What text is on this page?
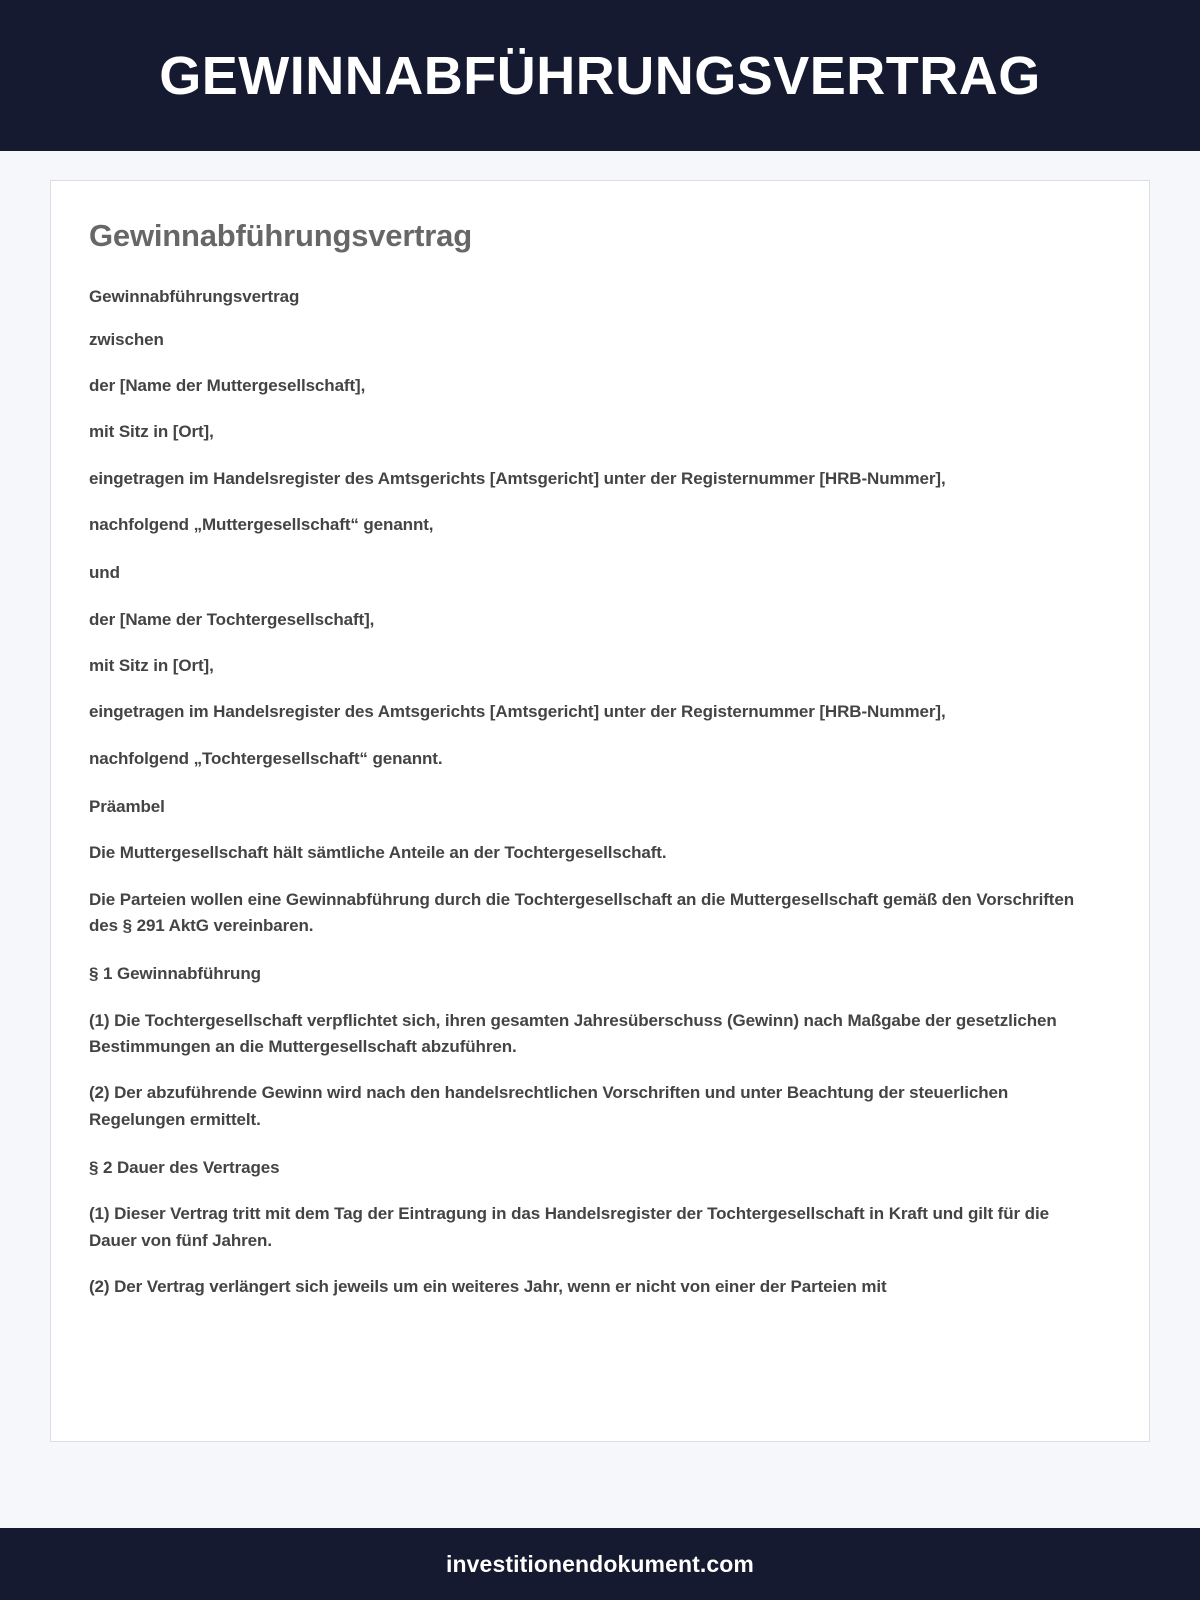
GEWINNABFÜHRUNGSVERTRAG
Gewinnabführungsvertrag

Gewinnabführungsvertrag

zwischen

der [Name der Muttergesellschaft],

mit Sitz in [Ort],

eingetragen im Handelsregister des Amtsgerichts [Amtsgericht] unter der Registernummer [HRB-Nummer],

nachfolgend „Muttergesellschaft“ genannt,

und

der [Name der Tochtergesellschaft],

mit Sitz in [Ort],

eingetragen im Handelsregister des Amtsgerichts [Amtsgericht] unter der Registernummer [HRB-Nummer],

nachfolgend „Tochtergesellschaft“ genannt.

Präambel

Die Muttergesellschaft hält sämtliche Anteile an der Tochtergesellschaft.

Die Parteien wollen eine Gewinnabführung durch die Tochtergesellschaft an die Muttergesellschaft gemäß den Vorschriften des § 291 AktG vereinbaren.

§ 1 Gewinnabführung

(1) Die Tochtergesellschaft verpflichtet sich, ihren gesamten Jahresüberschuss (Gewinn) nach Maßgabe der gesetzlichen Bestimmungen an die Muttergesellschaft abzuführen.

(2) Der abzuführende Gewinn wird nach den handelsrechtlichen Vorschriften und unter Beachtung der steuerlichen Regelungen ermittelt.

§ 2 Dauer des Vertrages

(1) Dieser Vertrag tritt mit dem Tag der Eintragung in das Handelsregister der Tochtergesellschaft in Kraft und gilt für die Dauer von fünf Jahren.

(2) Der Vertrag verlängert sich jeweils um ein weiteres Jahr, wenn er nicht von einer der Parteien mit

investitionendokument.com
